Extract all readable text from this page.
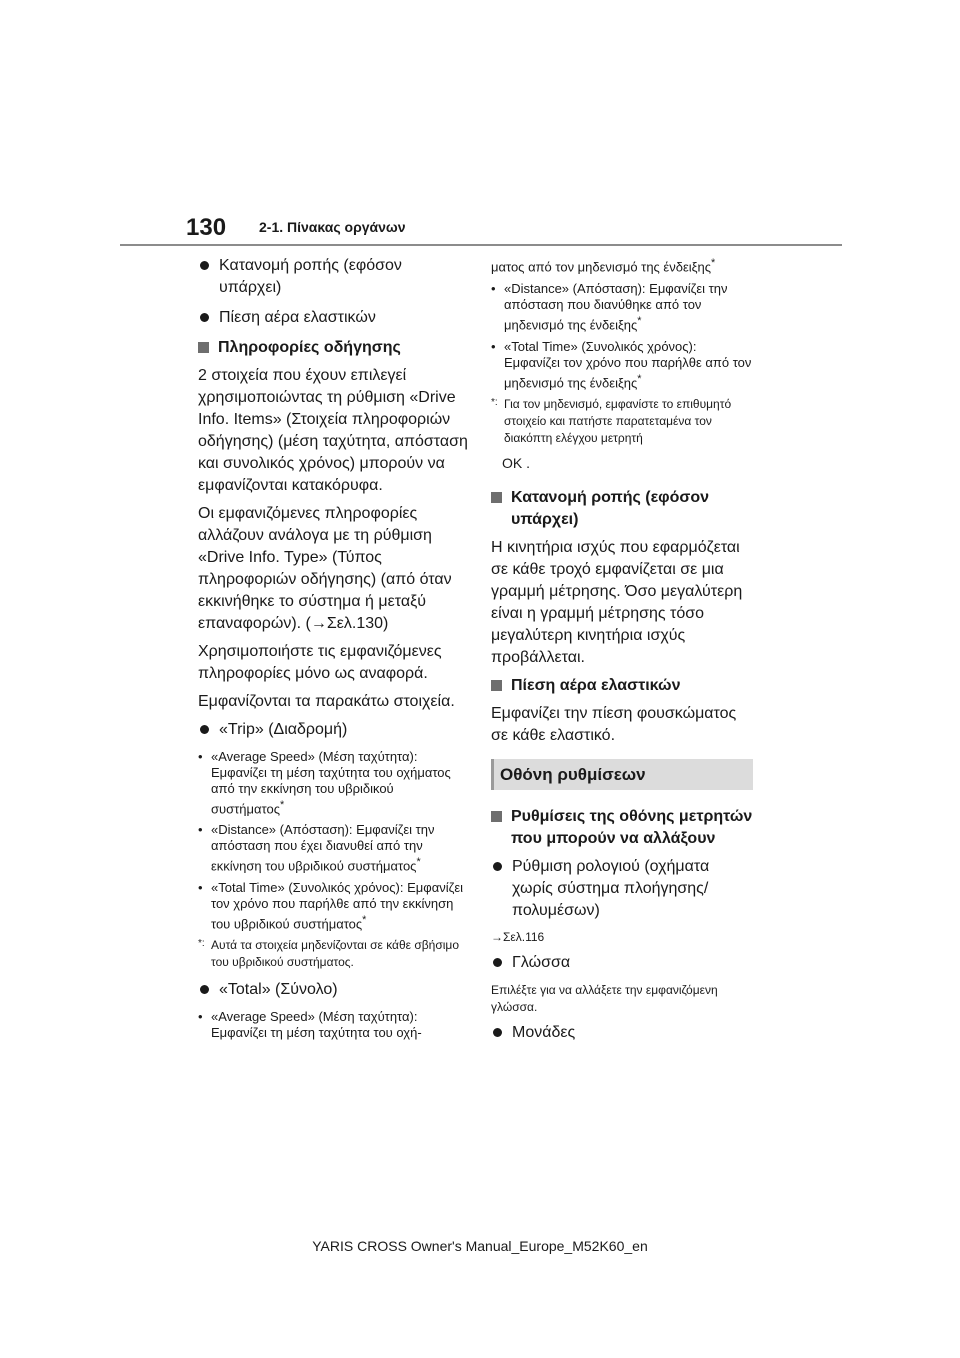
130 2-1. Πίνακας οργάνων
Κατανομή ροπής (εφόσον υπάρχει)
Πίεση αέρα ελαστικών
Πληροφορίες οδήγησης
2 στοιχεία που έχουν επιλεγεί χρησιμοποιώντας τη ρύθμιση «Drive Info. Items» (Στοιχεία πληροφοριών οδήγησης) (μέση ταχύτητα, απόσταση και συνολικός χρόνος) μπορούν να εμφανίζονται κατακόρυφα.
Οι εμφανιζόμενες πληροφορίες αλλάζουν ανάλογα με τη ρύθμιση «Drive Info. Type» (Τύπος πληροφοριών οδήγησης) (από όταν εκκινήθηκε το σύστημα ή μεταξύ επαναφορών). (→Σελ.130)
Χρησιμοποιήστε τις εμφανιζόμενες πληροφορίες μόνο ως αναφορά.
Εμφανίζονται τα παρακάτω στοιχεία.
«Trip» (Διαδρομή)
• «Average Speed» (Μέση ταχύτητα): Εμφανίζει τη μέση ταχύτητα του οχήματος από την εκκίνηση του υβριδικού συστήματος*
• «Distance» (Απόσταση): Εμφανίζει την απόσταση που έχει διανυθεί από την εκκίνηση του υβριδικού συστήματος*
• «Total Time» (Συνολικός χρόνος): Εμφανίζει τον χρόνο που παρήλθε από την εκκίνηση του υβριδικού συστήματος*
*: Αυτά τα στοιχεία μηδενίζονται σε κάθε σβήσιμο του υβριδικού συστήματος.
«Total» (Σύνολο)
• «Average Speed» (Μέση ταχύτητα): Εμφανίζει τη μέση ταχύτητα του οχή-
ματος από τον μηδενισμό της ένδειξης*
• «Distance» (Απόσταση): Εμφανίζει την απόσταση που διανύθηκε από τον μηδενισμό της ένδειξης*
• «Total Time» (Συνολικός χρόνος): Εμφανίζει τον χρόνο που παρήλθε από τον μηδενισμό της ένδειξης*
*: Για τον μηδενισμό, εμφανίστε το επιθυμητό στοιχείο και πατήστε παρατεταμένα τον διακόπτη ελέγχου μετρητή
OK .
Κατανομή ροπής (εφόσον υπάρχει)
Η κινητήρια ισχύς που εφαρμόζεται σε κάθε τροχό εμφανίζεται σε μια γραμμή μέτρησης. Όσο μεγαλύτερη είναι η γραμμή μέτρησης τόσο μεγαλύτερη κινητήρια ισχύς προβάλλεται.
Πίεση αέρα ελαστικών
Εμφανίζει την πίεση φουσκώματος σε κάθε ελαστικό.
Οθόνη ρυθμίσεων
Ρυθμίσεις της οθόνης μετρητών που μπορούν να αλλάξουν
Ρύθμιση ρολογιού (οχήματα χωρίς σύστημα πλοήγησης/πολυμέσων)
→Σελ.116
Γλώσσα
Επιλέξτε για να αλλάξετε την εμφανιζόμενη γλώσσα.
Μονάδες
YARIS CROSS Owner's Manual_Europe_M52K60_en
